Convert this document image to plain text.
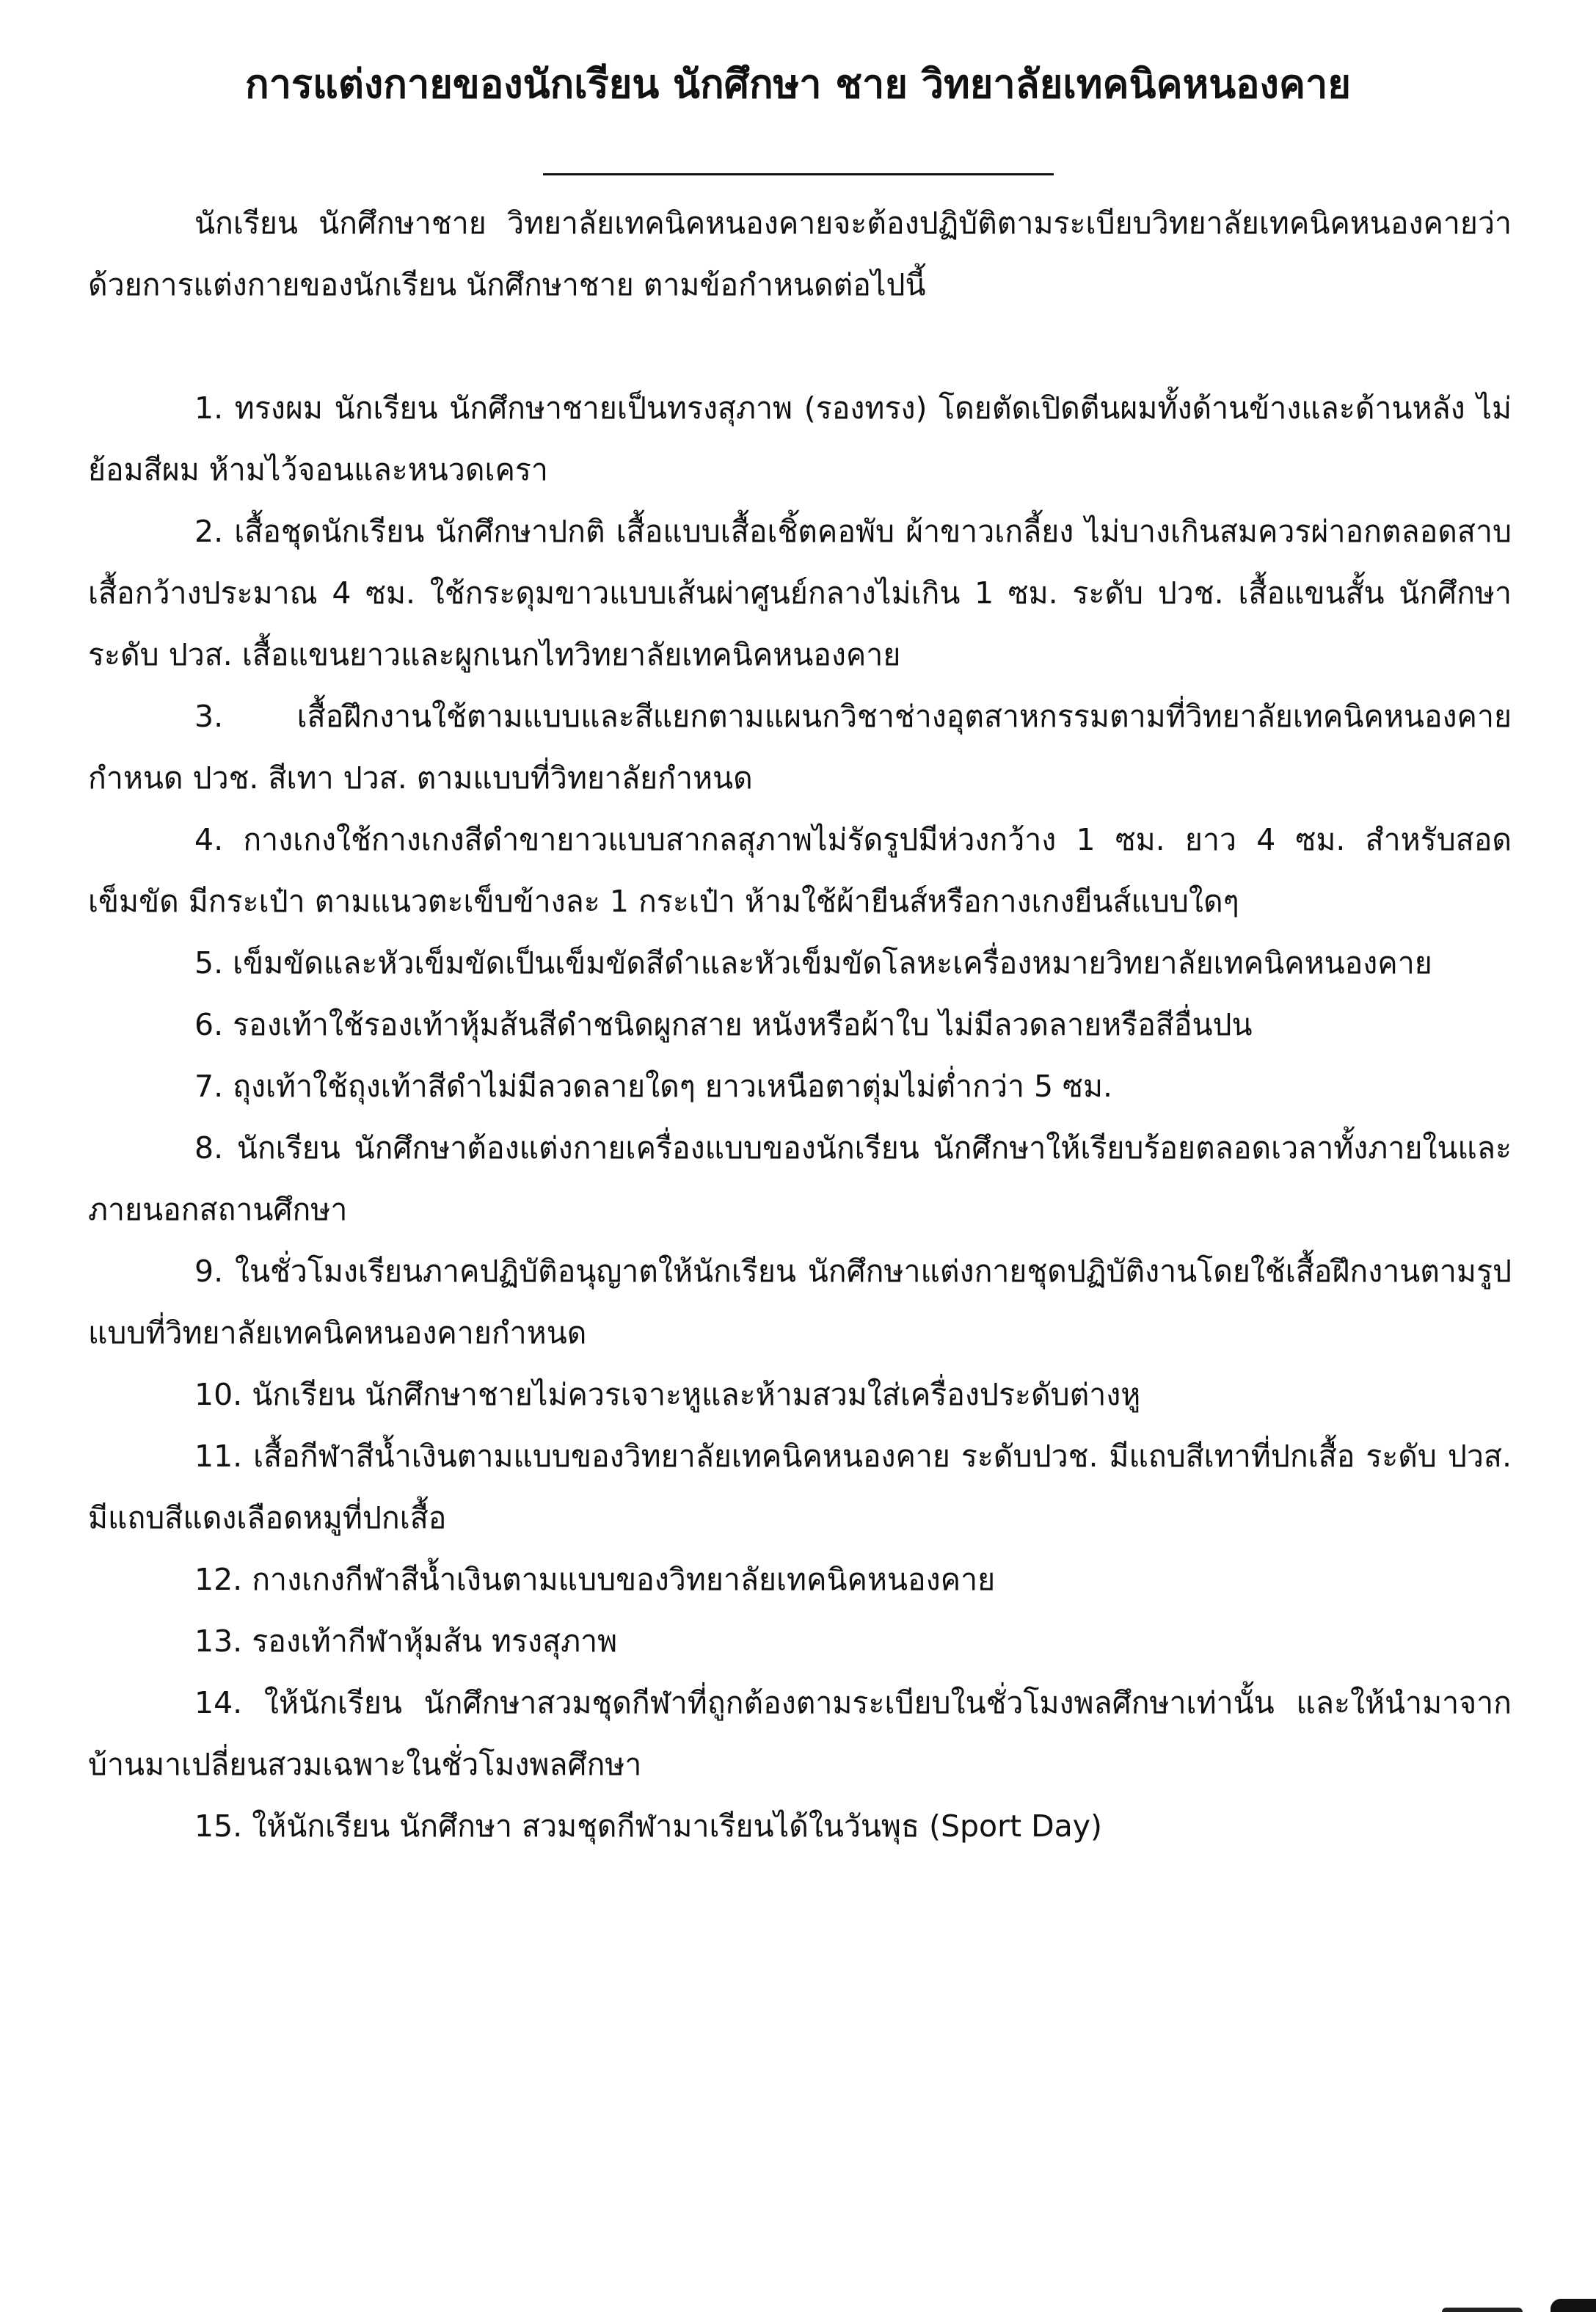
การแต่งกายของนักเรียน นักศึกษา ชาย วิทยาลัยเทคนิคหนองคาย

นักเรียน นักศึกษาชาย วิทยาลัยเทคนิคหนองคายจะต้องปฏิบัติตามระเบียบวิทยาลัยเทคนิคหนองคายว่าด้วยการแต่งกายของนักเรียน นักศึกษาชาย ตามข้อกำหนดต่อไปนี้

1. ทรงผม นักเรียน นักศึกษาชายเป็นทรงสุภาพ (รองทรง) โดยตัดเปิดตีนผมทั้งด้านข้างและด้านหลัง ไม่ย้อมสีผม ห้ามไว้จอนและหนวดเครา

2. เสื้อชุดนักเรียน นักศึกษาปกติ เสื้อแบบเสื้อเชิ้ตคอพับ ผ้าขาวเกลี้ยง ไม่บางเกินสมควรผ่าอกตลอดสาบเสื้อกว้างประมาณ 4 ซม. ใช้กระดุมขาวแบบเส้นผ่าศูนย์กลางไม่เกิน 1 ซม. ระดับ ปวช. เสื้อแขนสั้น นักศึกษาระดับ ปวส. เสื้อแขนยาวและผูกเนกไทวิทยาลัยเทคนิคหนองคาย

3. เสื้อฝึกงานใช้ตามแบบและสีแยกตามแผนกวิชาช่างอุตสาหกรรมตามที่วิทยาลัยเทคนิคหนองคาย กำหนด ปวช. สีเทา ปวส. ตามแบบที่วิทยาลัยกำหนด

4. กางเกงใช้กางเกงสีดำขายาวแบบสากลสุภาพไม่รัดรูปมีห่วงกว้าง 1 ซม. ยาว 4 ซม. สำหรับสอดเข็มขัด มีกระเป๋า ตามแนวตะเข็บข้างละ 1 กระเป๋า ห้ามใช้ผ้ายีนส์หรือกางเกงยีนส์แบบใดๆ

5. เข็มขัดและหัวเข็มขัดเป็นเข็มขัดสีดำและหัวเข็มขัดโลหะเครื่องหมายวิทยาลัยเทคนิคหนองคาย

6. รองเท้าใช้รองเท้าหุ้มส้นสีดำชนิดผูกสาย หนังหรือผ้าใบ ไม่มีลวดลายหรือสีอื่นปน

7. ถุงเท้าใช้ถุงเท้าสีดำไม่มีลวดลายใดๆ ยาวเหนือตาตุ่มไม่ต่ำกว่า 5 ซม.

8. นักเรียน นักศึกษาต้องแต่งกายเครื่องแบบของนักเรียน นักศึกษาให้เรียบร้อยตลอดเวลาทั้งภายในและภายนอกสถานศึกษา

9. ในชั่วโมงเรียนภาคปฏิบัติอนุญาตให้นักเรียน นักศึกษาแต่งกายชุดปฏิบัติงานโดยใช้เสื้อฝึกงานตามรูปแบบที่วิทยาลัยเทคนิคหนองคายกำหนด

10. นักเรียน นักศึกษาชายไม่ควรเจาะหูและห้ามสวมใส่เครื่องประดับต่างหู

11. เสื้อกีฬาสีน้ำเงินตามแบบของวิทยาลัยเทคนิคหนองคาย ระดับปวช. มีแถบสีเทาที่ปกเสื้อ ระดับ ปวส. มีแถบสีแดงเลือดหมูที่ปกเสื้อ

12. กางเกงกีฬาสีน้ำเงินตามแบบของวิทยาลัยเทคนิคหนองคาย

13. รองเท้ากีฬาหุ้มส้น ทรงสุภาพ

14. ให้นักเรียน นักศึกษาสวมชุดกีฬาที่ถูกต้องตามระเบียบในชั่วโมงพลศึกษาเท่านั้น และให้นำมาจากบ้านมาเปลี่ยนสวมเฉพาะในชั่วโมงพลศึกษา

15. ให้นักเรียน นักศึกษา สวมชุดกีฬามาเรียนได้ในวันพุธ (Sport Day)
